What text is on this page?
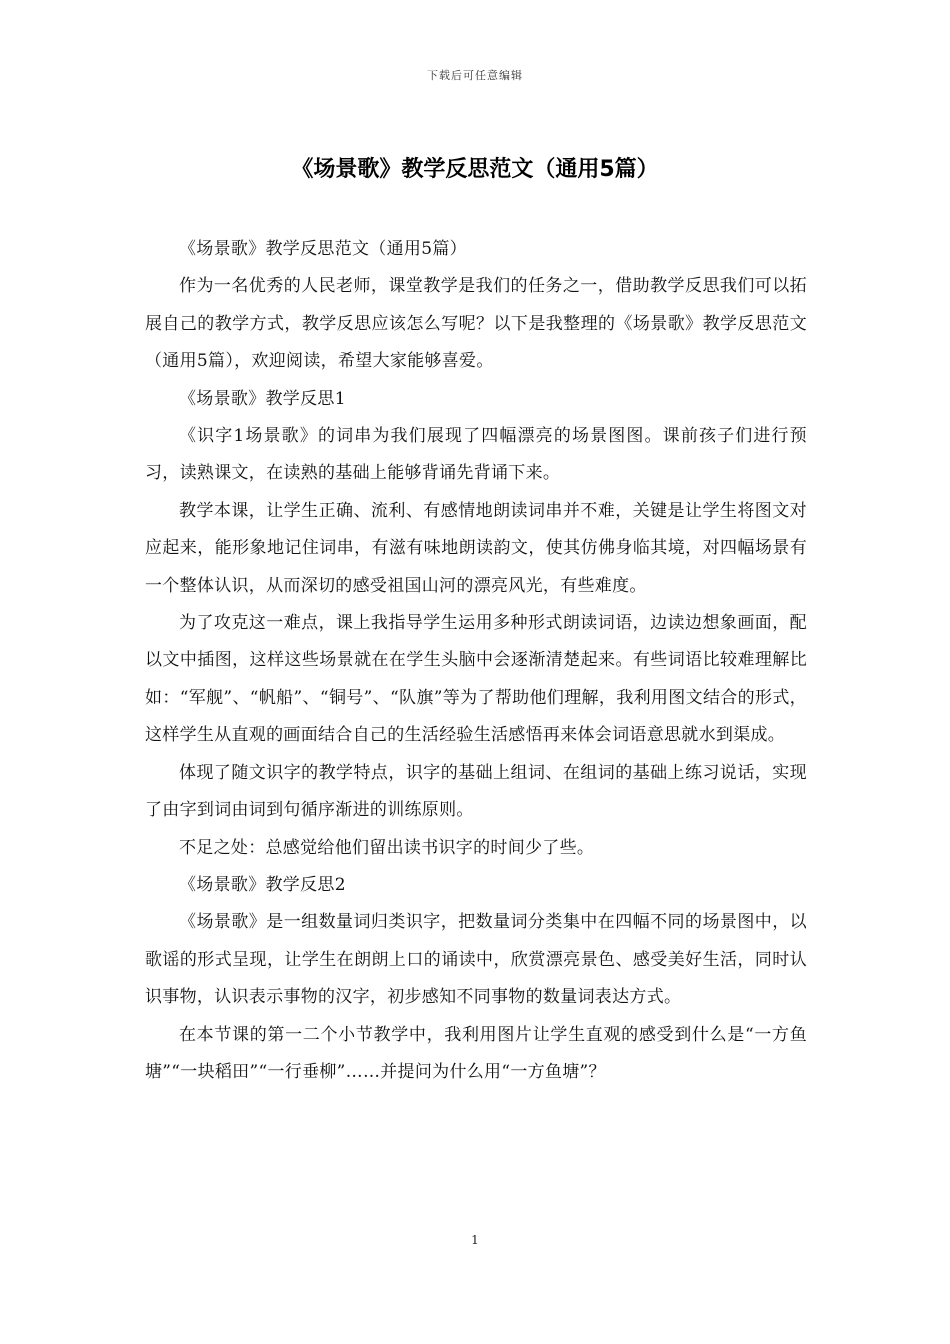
下载后可任意编辑
《场景歌》教学反思范文（通用5篇）

《场景歌》教学反思范文（通用5篇）

作为一名优秀的人民老师，课堂教学是我们的任务之一，借助教学反思我们可以拓展自己的教学方式，教学反思应该怎么写呢？以下是我整理的《场景歌》教学反思范文（通用5篇），欢迎阅读，希望大家能够喜爱。

《场景歌》教学反思1

《识字1场景歌》的词串为我们展现了四幅漂亮的场景图图。课前孩子们进行预习，读熟课文，在读熟的基础上能够背诵先背诵下来。

教学本课，让学生正确、流利、有感情地朗读词串并不难，关键是让学生将图文对应起来，能形象地记住词串，有滋有味地朗读韵文，使其仿佛身临其境，对四幅场景有一个整体认识，从而深切的感受祖国山河的漂亮风光，有些难度。

为了攻克这一难点，课上我指导学生运用多种形式朗读词语，边读边想象画面，配以文中插图，这样这些场景就在在学生头脑中会逐渐清楚起来。有些词语比较难理解比如：“军舰”、“帆船”、“铜号”、“队旗”等为了帮助他们理解，我利用图文结合的形式，这样学生从直观的画面结合自己的生活经验生活感悟再来体会词语意思就水到渠成。

体现了随文识字的教学特点，识字的基础上组词、在组词的基础上练习说话，实现了由字到词由词到句循序渐进的训练原则。

不足之处：总感觉给他们留出读书识字的时间少了些。

《场景歌》教学反思2

《场景歌》是一组数量词归类识字，把数量词分类集中在四幅不同的场景图中，以歌谣的形式呈现，让学生在朗朗上口的诵读中，欣赏漂亮景色、感受美好生活，同时认识事物，认识表示事物的汉字，初步感知不同事物的数量词表达方式。

在本节课的第一二个小节教学中，我利用图片让学生直观的感受到什么是“一方鱼塘”“一块稻田”“一行垂柳”……并提问为什么用“一方鱼塘”？

1
